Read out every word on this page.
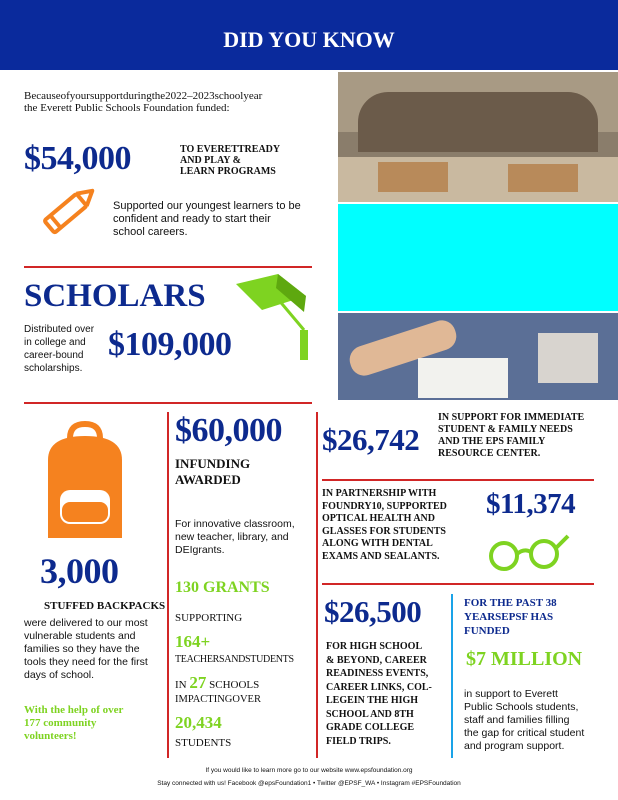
DID YOU KNOW
Becauseofyoursupportduringthe2022–2023schoolyear
the Everett Public Schools Foundation funded:
$54,000	TO EVERETTREADY
AND PLAY &
LEARN PROGRAMS
Supported our youngest learners to be
confident and ready to start their
school careers.
SCHOLARS
Distributed over
in college and
career-bound
scholarships.
$109,000
3,000
STUFFED BACKPACKS
were delivered to our most
vulnerable students and
families so they have the
tools they need for the first
days of school.
With the help of over
177 community
volunteers!
$60,000
INFUNDING
AWARDED
For innovative classroom,
new teacher, library, and
DEIgrants.
130 GRANTS
SUPPORTING
164+
TEACHERSANDSTUDENTS
IN 27 SCHOOLS
IMPACTINGOVER
20,434
STUDENTS
$26,742
IN SUPPORT FOR IMMEDIATE
STUDENT & FAMILY NEEDS
AND THE EPS FAMILY
RESOURCE CENTER.
IN PARTNERSHIP WITH
FOUNDRY10, SUPPORTED
OPTICAL HEALTH AND
GLASSES FOR STUDENTS
ALONG WITH DENTAL
EXAMS AND SEALANTS.
$11,374
$26,500
FOR HIGH SCHOOL
& BEYOND, CAREER
READINESS EVENTS,
CAREER LINKS, COL-
LEGEIN THE HIGH
SCHOOL AND 8TH
GRADE COLLEGE
FIELD TRIPS.
FOR THE PAST 38
YEARSEPSF HAS
FUNDED
$7 MILLION
in support to Everett
Public Schools students,
staff and families filling
the gap for critical student
and program support.
If you would like to learn more go to our website www.epsfoundation.org
Stay connected with us! Facebook @epsFoundation1 • Twitter @EPSF_WA • Instagram #EPSFoundation
